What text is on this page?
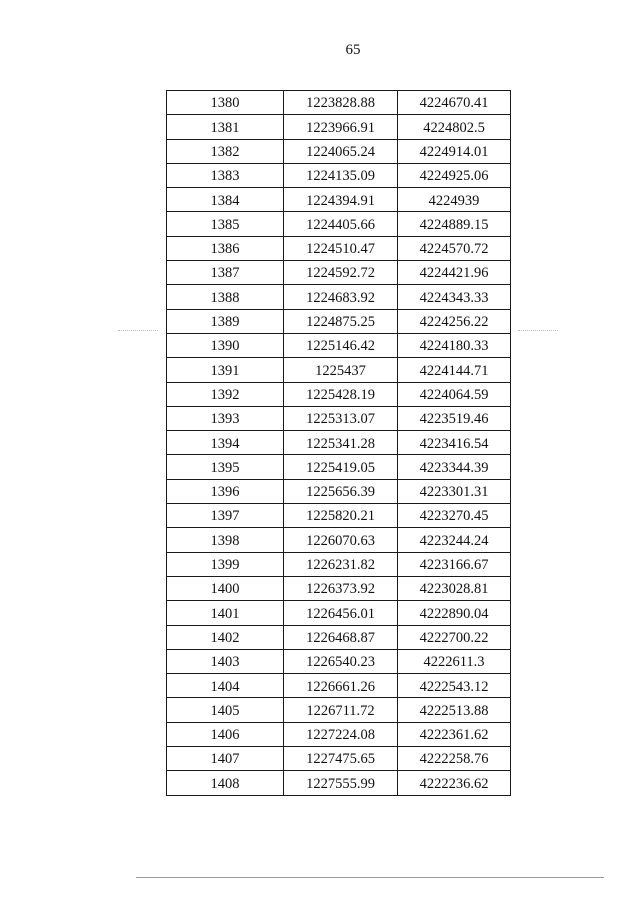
65
1380	1223828.88	4224670.41
1381	1223966.91	4224802.5
1382	1224065.24	4224914.01
1383	1224135.09	4224925.06
1384	1224394.91	4224939
1385	1224405.66	4224889.15
1386	1224510.47	4224570.72
1387	1224592.72	4224421.96
1388	1224683.92	4224343.33
1389	1224875.25	4224256.22
1390	1225146.42	4224180.33
1391	1225437	4224144.71
1392	1225428.19	4224064.59
1393	1225313.07	4223519.46
1394	1225341.28	4223416.54
1395	1225419.05	4223344.39
1396	1225656.39	4223301.31
1397	1225820.21	4223270.45
1398	1226070.63	4223244.24
1399	1226231.82	4223166.67
1400	1226373.92	4223028.81
1401	1226456.01	4222890.04
1402	1226468.87	4222700.22
1403	1226540.23	4222611.3
1404	1226661.26	4222543.12
1405	1226711.72	4222513.88
1406	1227224.08	4222361.62
1407	1227475.65	4222258.76
1408	1227555.99	4222236.62
